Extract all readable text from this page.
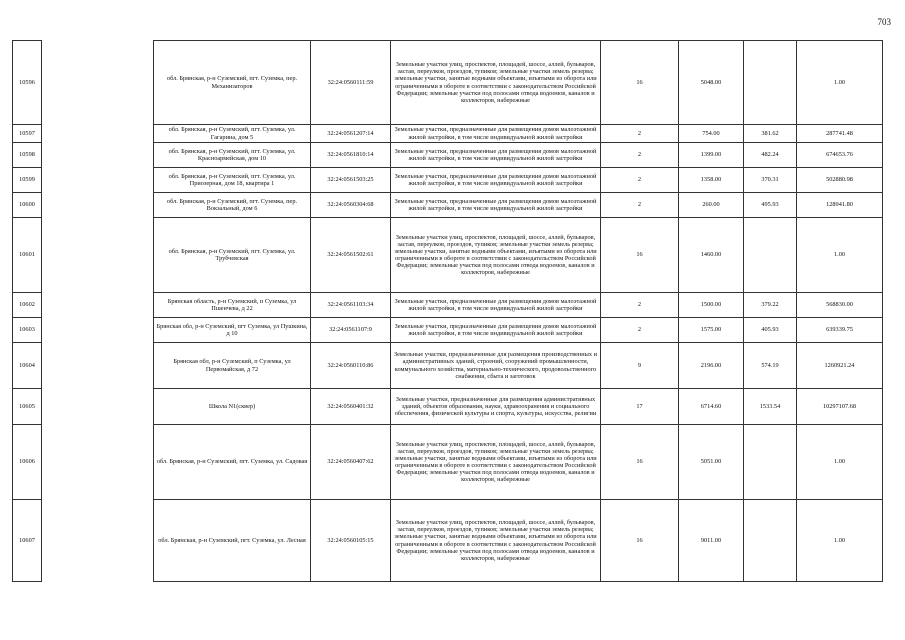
703
10596		обл. Брянская, р-н Суземский, пгт. Суземка, пер. Механизаторов	32:24:0560111:59	Земельные участки улиц, проспектов, площадей, шоссе, аллей, бульваров, застав, переулков, проездов, тупиков; земельные участки земель резерва; земельные участки, занятые водными объектами, изъятыми из оборота или ограниченными в обороте в соответствии с законодательством Российской Федерации; земельные участки под полосами отвода водоемов, каналов и коллекторов, набережные	16	5048.00		1.00
10597		обл. Брянская, р-н Суземский, пгт. Суземка, ул. Гагарина, дом 5	32:24:0561207:14	Земельные участки, предназначенные для размещения домов малоэтажной жилой застройки, в том числе индивидуальной жилой застройки	2	754.00	381.62	287741.48
10598		обл. Брянская, р-н Суземский, пгт. Суземка, ул. Красноармейская, дом 10	32:24:0561810:14	Земельные участки, предназначенные для размещения домов малоэтажной жилой застройки, в том числе индивидуальной жилой застройки	2	1399.00	482.24	674653.76
10599		обл. Брянская, р-н Суземский, пгт. Суземка, ул. Приозерная, дом 18, квартира 1	32:24:0561503:25	Земельные участки, предназначенные для размещения домов малоэтажной жилой застройки, в том числе индивидуальной жилой застройки	2	1358.00	370.31	502880.98
10600		обл. Брянская, р-н Суземский, пгт. Суземка, пер. Вокзальный, дом 6	32:24:0560304:68	Земельные участки, предназначенные для размещения домов малоэтажной жилой застройки, в том числе индивидуальной жилой застройки	2	260.00	495.93	128941.80
10601		обл. Брянская, р-н Суземский, пгт. Суземка, ул. Трубчевская	32:24:0561502:61	Земельные участки улиц, проспектов, площадей, шоссе, аллей, бульваров, застав, переулков, проездов, тупиков; земельные участки земель резерва; земельные участки, занятые водными объектами, изъятыми из оборота или ограниченными в обороте в соответствии с законодательством Российской Федерации; земельные участки под полосами отвода водоемов, каналов и коллекторов, набережные	16	1460.00		1.00
10602		Брянская область, р-н Суземский, п Суземка, ул Пшенчева, д 22	32:24:0561103:34	Земельные участки, предназначенные для размещения домов малоэтажной жилой застройки, в том числе индивидуальной жилой застройки	2	1500.00	379.22	568830.00
10603		Брянская обл, р-н Суземский, пгт Суземка, ул Пушкина, д 10	32:24:0561107:9	Земельные участки, предназначенные для размещения домов малоэтажной жилой застройки, в том числе индивидуальной жилой застройки	2	1575.00	405.93	639339.75
10604		Брянская обл, р-н Суземский, п Суземка, ул Первомайская, д 72	32:24:0560110:86	Земельные участки, предназначенные для размещения производственных и административных зданий, строений, сооружений промышленности, коммунального хозяйства, материально-технического, продовольственного снабжения, сбыта и заготовок	9	2196.00	574.19	1260921.24
10605		Школа N1(сквер)	32:24:0560401:32	Земельные участки, предназначенные для размещения административных зданий, объектов образования, науки, здравоохранения и социального обеспечения, физической культуры и спорта, культуры, искусства, религии	17	6714.60	1533.54	10297107.68
10606		обл. Брянская, р-н Суземский, пгт. Суземка, ул. Садовая	32:24:0560407:62	Земельные участки улиц, проспектов, площадей, шоссе, аллей, бульваров, застав, переулков, проездов, тупиков; земельные участки земель резерва; земельные участки, занятые водными объектами, изъятыми из оборота или ограниченными в обороте в соответствии с законодательством Российской Федерации; земельные участки под полосами отвода водоемов, каналов и коллекторов, набережные	16	5051.00		1.00
10607		обл. Брянская, р-н Суземский, пгт. Суземка, ул. Лесная	32:24:0560105:15	Земельные участки улиц, проспектов, площадей, шоссе, аллей, бульваров, застав, переулков, проездов, тупиков; земельные участки земель резерва; земельные участки, занятые водными объектами, изъятыми из оборота или ограниченными в обороте в соответствии с законодательством Российской Федерации; земельные участки под полосами отвода водоемов, каналов и коллекторов, набережные	16	9011.00		1.00
